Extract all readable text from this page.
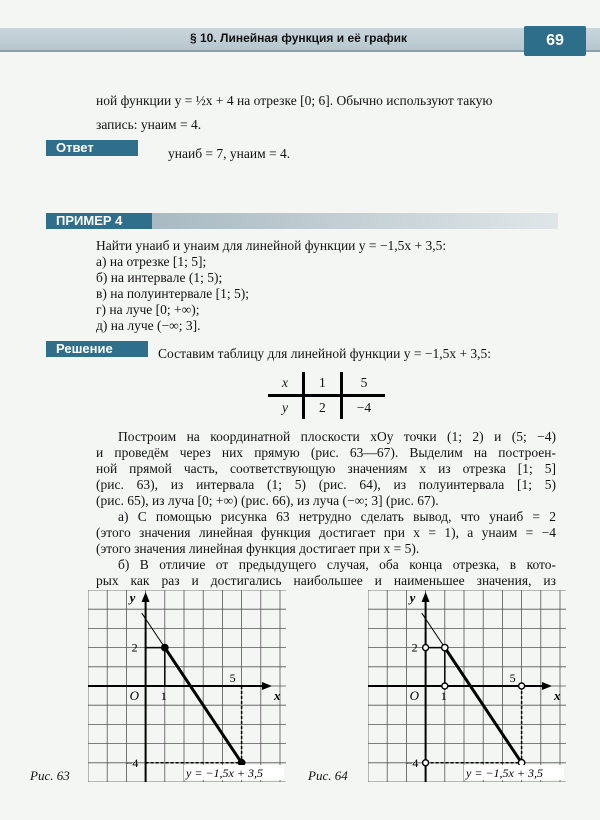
§ 10. Линейная функция и её график	69
ной функции y = ½x + 4 на отрезке [0; 6]. Обычно используют такую
запись: yнаим = 4.
Ответ	yнаиб = 7, yнаим = 4.
ПРИМЕР 4
Найти yнаиб и yнаим для линейной функции y = −1,5x + 3,5:
а) на отрезке [1; 5];
б) на интервале (1; 5);
в) на полуинтервале [1; 5);
г) на луче [0; +∞);
д) на луче (−∞; 3].
Решение	Составим таблицу для линейной функции y = −1,5x + 3,5:
x	1	5
y	2	−4
Построим на координатной плоскости xOy точки (1; 2) и (5; −4)
и проведём через них прямую (рис. 63—67). Выделим на построен-
ной прямой часть, соответствующую значениям x из отрезка [1; 5]
(рис. 63), из интервала (1; 5) (рис. 64), из полуинтервала [1; 5)
(рис. 65), из луча [0; +∞) (рис. 66), из луча (−∞; 3] (рис. 67).
а) С помощью рисунка 63 нетрудно сделать вывод, что yнаиб = 2
(этого значения линейная функция достигает при x = 1), а yнаим = −4
(этого значения линейная функция достигает при x = 5).
б) В отличие от предыдущего случая, оба конца отрезка, в кото-
рых как раз и достигались наибольшее и наименьшее значения, из
x
y
O 1
5
2
−4
y = −1,5x + 3,5
Рис. 63
x
y
O 1
5
2
−4
y = −1,5x + 3,5
Рис. 64
